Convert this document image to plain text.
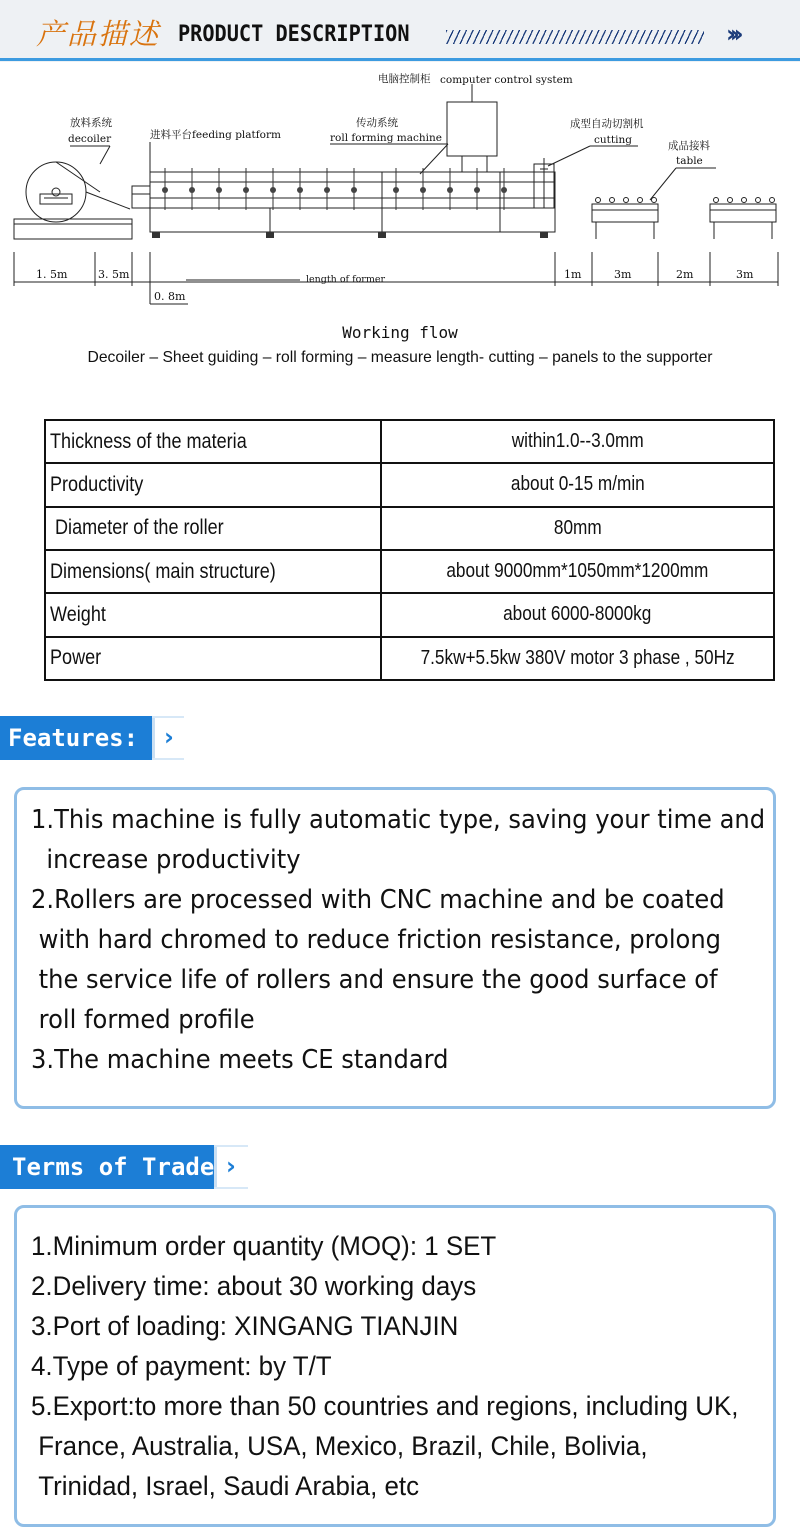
产品描述 PRODUCT DESCRIPTION	›››
电脑控制柜 computer control system
放料系统
decoiler	进料平台feeding platform
传动系统
roll forming machine
成型自动切割机
cutting	成品接料
table
1. 5m	3. 5m
0. 8m
length of former	1m	3m	2m	3m
Working flow
Decoiler – Sheet guiding – roll forming – measure length- cutting – panels to the supporter
Thickness of the materia	within1.0--3.0mm
Productivity	about 0-15 m/min
Diameter of the roller	80mm
Dimensions( main structure)	about 9000mm*1050mm*1200mm
Weight	about 6000-8000kg
Power	7.5kw+5.5kw 380V motor 3 phase , 50Hz
Features: ›
1.This machine is fully automatic type, saving your time and
increase productivity
2.Rollers are processed with CNC machine and be coated
with hard chromed to reduce friction resistance, prolong
the service life of rollers and ensure the good surface of
roll formed profile
3.The machine meets CE standard
Terms of Trade ›
1.Minimum order quantity (MOQ): 1 SET
2.Delivery time: about 30 working days
3.Port of loading: XINGANG TIANJIN
4.Type of payment: by T/T
5.Export:to more than 50 countries and regions, including UK,
France, Australia, USA, Mexico, Brazil, Chile, Bolivia,
Trinidad, Israel, Saudi Arabia, etc
